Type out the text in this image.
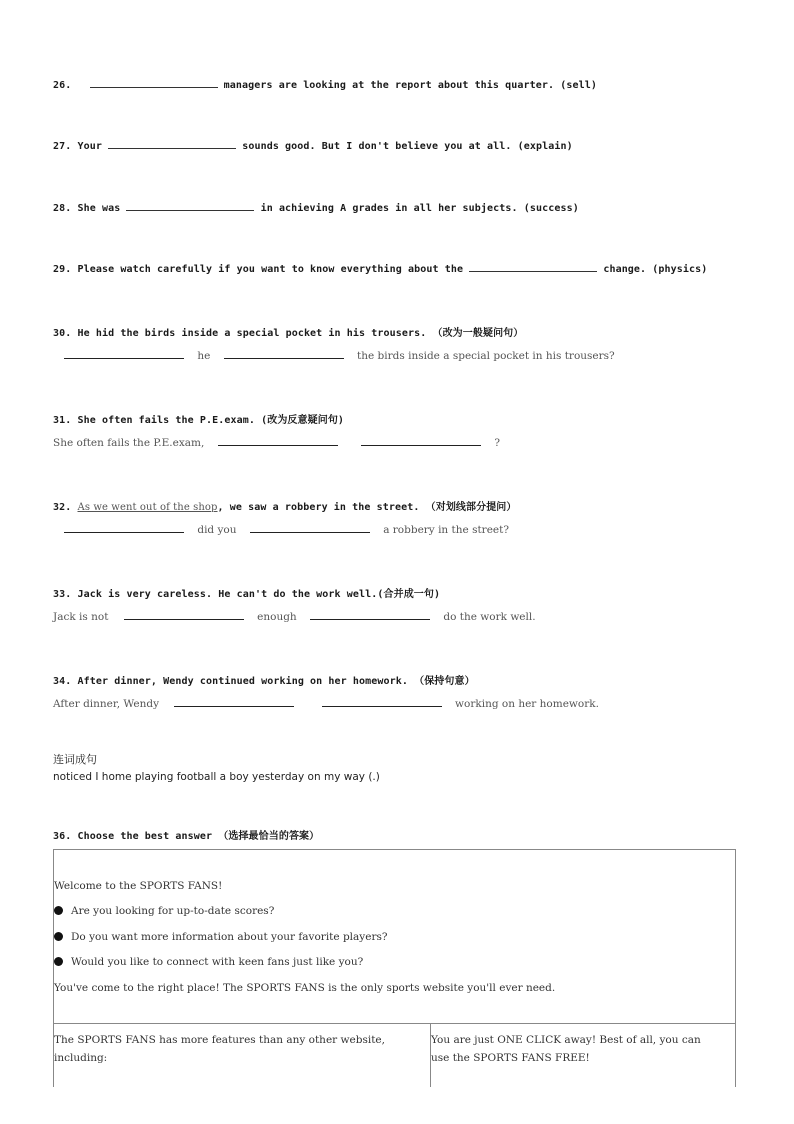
26.	managers are looking at the report about this quarter. (sell)
27. Your	sounds good. But I don't believe you at all. (explain)
28. She was	in achieving A grades in all her subjects. (success)
29. Please watch carefully if you want to know everything about the	change. (physics)
30. He hid the birds inside a special pocket in his trousers. （改为一般疑问句）
he	the birds inside a special pocket in his trousers?
31. She often fails the P.E.exam. (改为反意疑问句)
She often fails the P.E.exam,	?
32. As we went out of the shop, we saw a robbery in the street. （对划线部分提问）
did you	a robbery in the street?
33. Jack is very careless. He can't do the work well.(合并成一句)
Jack is not	enough	do the work well.
34. After dinner, Wendy continued working on her homework. （保持句意）
After dinner, Wendy	working on her homework.
连词成句
noticed I home playing football a boy yesterday on my way (.)
36. Choose the best answer （选择最恰当的答案）
Welcome to the SPORTS FANS!
Are you looking for up-to-date scores?
Do you want more information about your favorite players?
Would you like to connect with keen fans just like you?
You've come to the right place! The SPORTS FANS is the only sports website you'll ever need.
The SPORTS FANS has more features than any other website,
including:
You are just ONE CLICK away! Best of all, you can
use the SPORTS FANS FREE!
